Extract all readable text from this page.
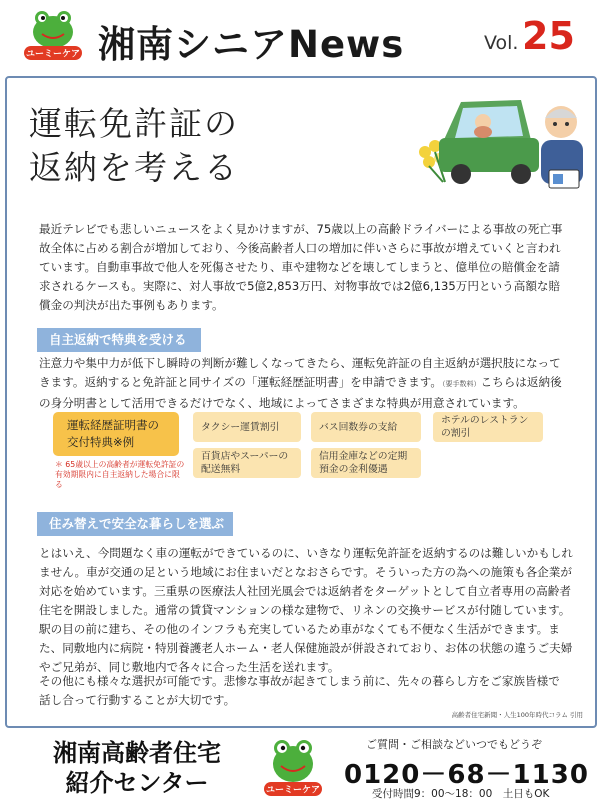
ユーミーケア 湘南シニアNews	Vol. 25
運転免許証の
返納を考える

最近テレビでも悲しいニュースをよく見かけますが、75歳以上の高齢ドライバーによる事故の死亡事故全体に占める割合が増加しており、今後高齢者人口の増加に伴いさらに事故が増えていくと言われています。自動車事故で他人を死傷させたり、車や建物などを壊してしまうと、億単位の賠償金を請求されるケースも。実際に、対人事故で5億2,853万円、対物事故では2億6,135万円という高額な賠償金の判決が出た事例もあります。

自主返納で特典を受ける

注意力や集中力が低下し瞬時の判断が難しくなってきたら、運転免許証の自主返納が選択肢になってきます。返納すると免許証と同サイズの「運転経歴証明書」を申請できます。（要手数料）こちらは返納後の身分明書として活用できるだけでなく、地域によってさまざまな特典が用意されています。

運転経歴証明書の
交付特典※例
＊ 65歳以上の高齢者が運転免許証の有効期限内に自主返納した場合に限る
タクシー運賃割引	バス回数券の支給
ホテルのレストランの割引
百貨店やスーパーの配送無料
信用金庫などの定期預金の金利優遇
住み替えで安全な暮らしを選ぶ

とはいえ、今問題なく車の運転ができているのに、いきなり運転免許証を返納するのは難しいかもしれません。車が交通の足という地域にお住まいだとなおさらです。そういった方の為への施策も各企業が対応を始めています。三重県の医療法人社団光風会では返納者をターゲットとして自立者専用の高齢者住宅を開設しました。通常の賃貸マンションの様な建物で、リネンの交換サービスが付随しています。駅の目の前に建ち、その他のインフラも充実しているため車がなくても不便なく生活ができます。また、同敷地内に病院・特別養護老人ホーム・老人保健施設が併設されており、お体の状態の違うご夫婦やご兄弟が、同じ敷地内で各々に合った生活を送れます。

その他にも様々な選択が可能です。悲惨な事故が起きてしまう前に、先々の暮らし方をご家族皆様で話し合って行動することが大切です。

高齢者住宅新聞・人生100年時代コラム 引用
湘南高齢者住宅
紹介センター	ユーミーケア
ご質問・ご相談などいつでもどうぞ
0120－68－1130
受付時間9：00～18：00　土日もOK
